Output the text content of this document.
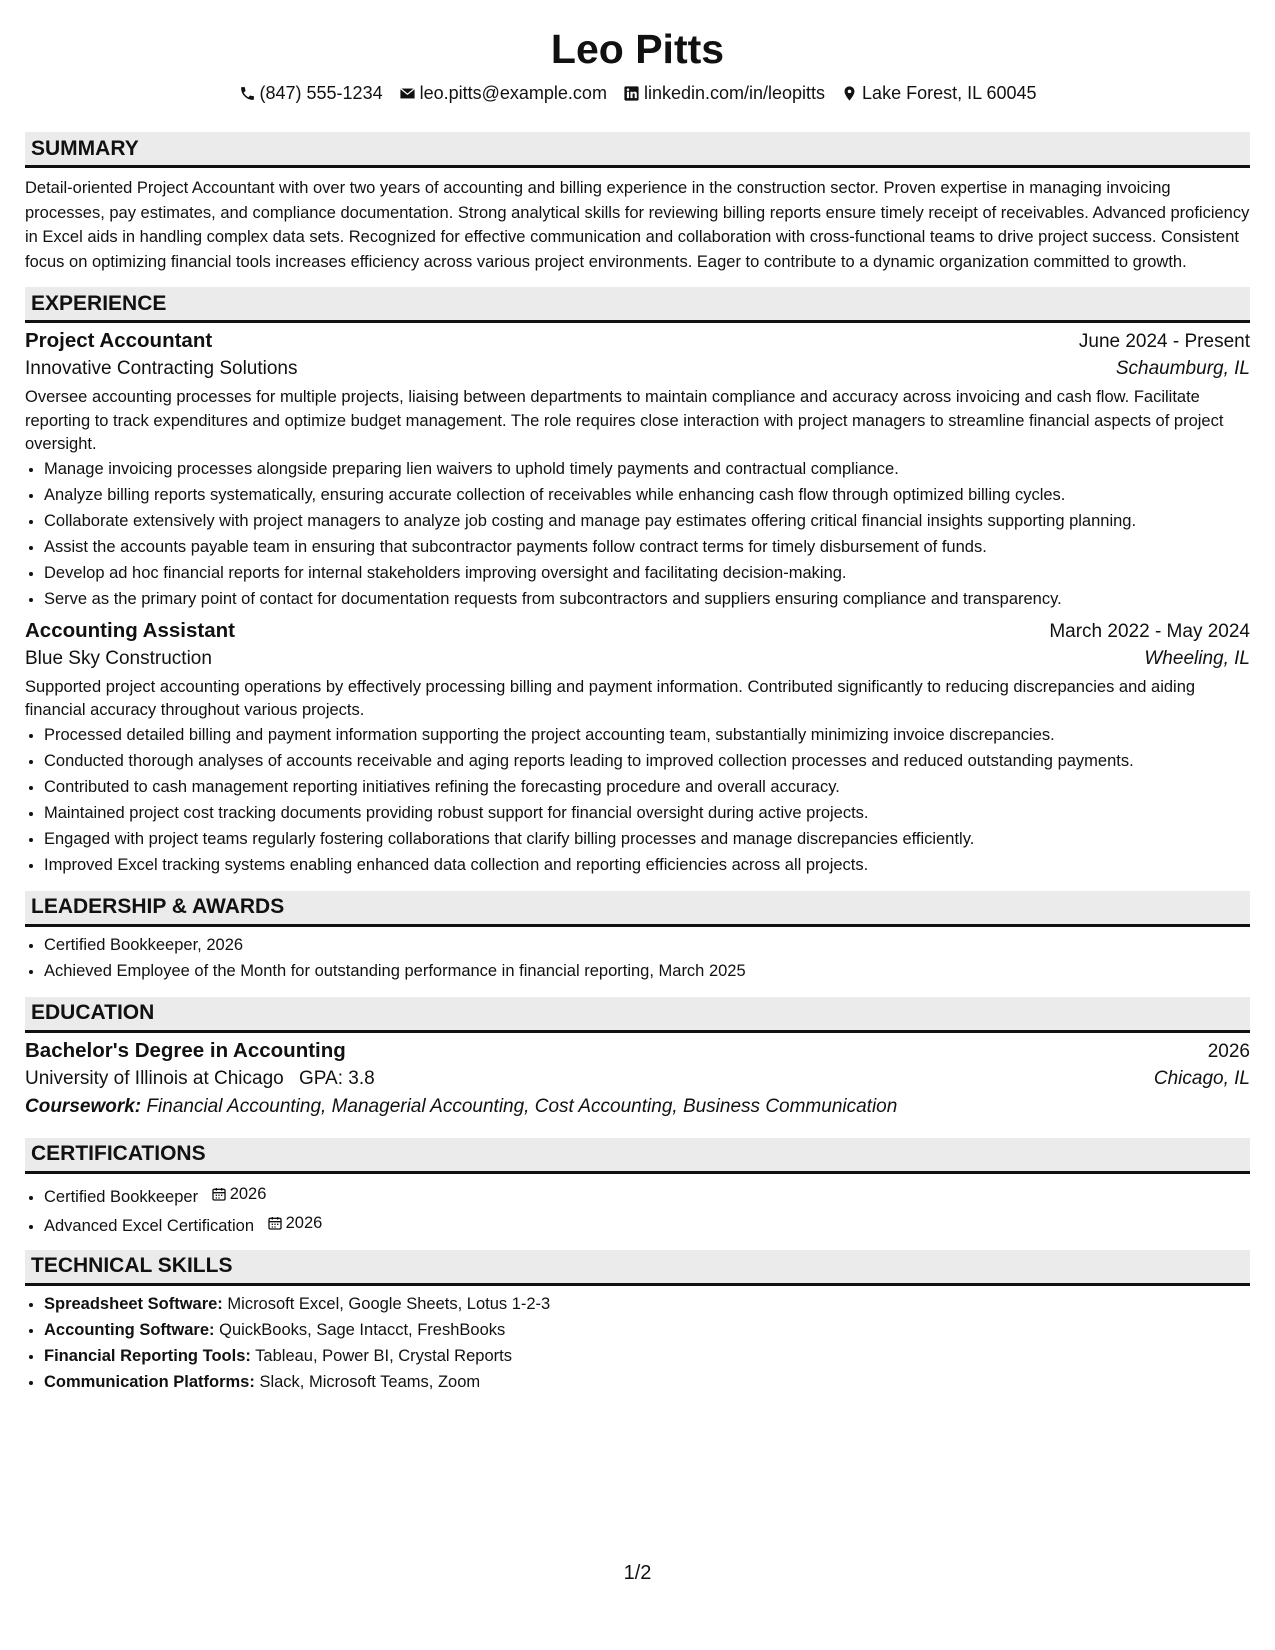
Leo Pitts
(847) 555-1234 leo.pitts@example.com linkedin.com/in/leopitts Lake Forest, IL 60045
SUMMARY

Detail-oriented Project Accountant with over two years of accounting and billing experience in the construction sector. Proven expertise in managing invoicing processes, pay estimates, and compliance documentation. Strong analytical skills for reviewing billing reports ensure timely receipt of receivables. Advanced proficiency in Excel aids in handling complex data sets. Recognized for effective communication and collaboration with cross-functional teams to drive project success. Consistent focus on optimizing financial tools increases efficiency across various project environments. Eager to contribute to a dynamic organization committed to growth.

EXPERIENCE
Project Accountant	June 2024 - Present
Innovative Contracting Solutions	Schaumburg, IL

Oversee accounting processes for multiple projects, liaising between departments to maintain compliance and accuracy across invoicing and cash flow. Facilitate reporting to track expenditures and optimize budget management. The role requires close interaction with project managers to streamline financial aspects of project oversight.

• Manage invoicing processes alongside preparing lien waivers to uphold timely payments and contractual compliance.
• Analyze billing reports systematically, ensuring accurate collection of receivables while enhancing cash flow through optimized billing cycles.
• Collaborate extensively with project managers to analyze job costing and manage pay estimates offering critical financial insights supporting planning.
• Assist the accounts payable team in ensuring that subcontractor payments follow contract terms for timely disbursement of funds.
• Develop ad hoc financial reports for internal stakeholders improving oversight and facilitating decision-making.
• Serve as the primary point of contact for documentation requests from subcontractors and suppliers ensuring compliance and transparency.
Accounting Assistant	March 2022 - May 2024
Blue Sky Construction	Wheeling, IL

Supported project accounting operations by effectively processing billing and payment information. Contributed significantly to reducing discrepancies and aiding financial accuracy throughout various projects.

• Processed detailed billing and payment information supporting the project accounting team, substantially minimizing invoice discrepancies.
• Conducted thorough analyses of accounts receivable and aging reports leading to improved collection processes and reduced outstanding payments.
• Contributed to cash management reporting initiatives refining the forecasting procedure and overall accuracy.
• Maintained project cost tracking documents providing robust support for financial oversight during active projects.
• Engaged with project teams regularly fostering collaborations that clarify billing processes and manage discrepancies efficiently.
• Improved Excel tracking systems enabling enhanced data collection and reporting efficiencies across all projects.
LEADERSHIP & AWARDS
• Certified Bookkeeper, 2026
• Achieved Employee of the Month for outstanding performance in financial reporting, March 2025
EDUCATION
Bachelor's Degree in Accounting	2026
University of Illinois at Chicago GPA: 3.8	Chicago, IL
Coursework: Financial Accounting, Managerial Accounting, Cost Accounting, Business Communication
CERTIFICATIONS
• Certified Bookkeeper 2026
• Advanced Excel Certification 2026
TECHNICAL SKILLS
• Spreadsheet Software: Microsoft Excel, Google Sheets, Lotus 1-2-3
• Accounting Software: QuickBooks, Sage Intacct, FreshBooks
• Financial Reporting Tools: Tableau, Power BI, Crystal Reports
• Communication Platforms: Slack, Microsoft Teams, Zoom
1/2
